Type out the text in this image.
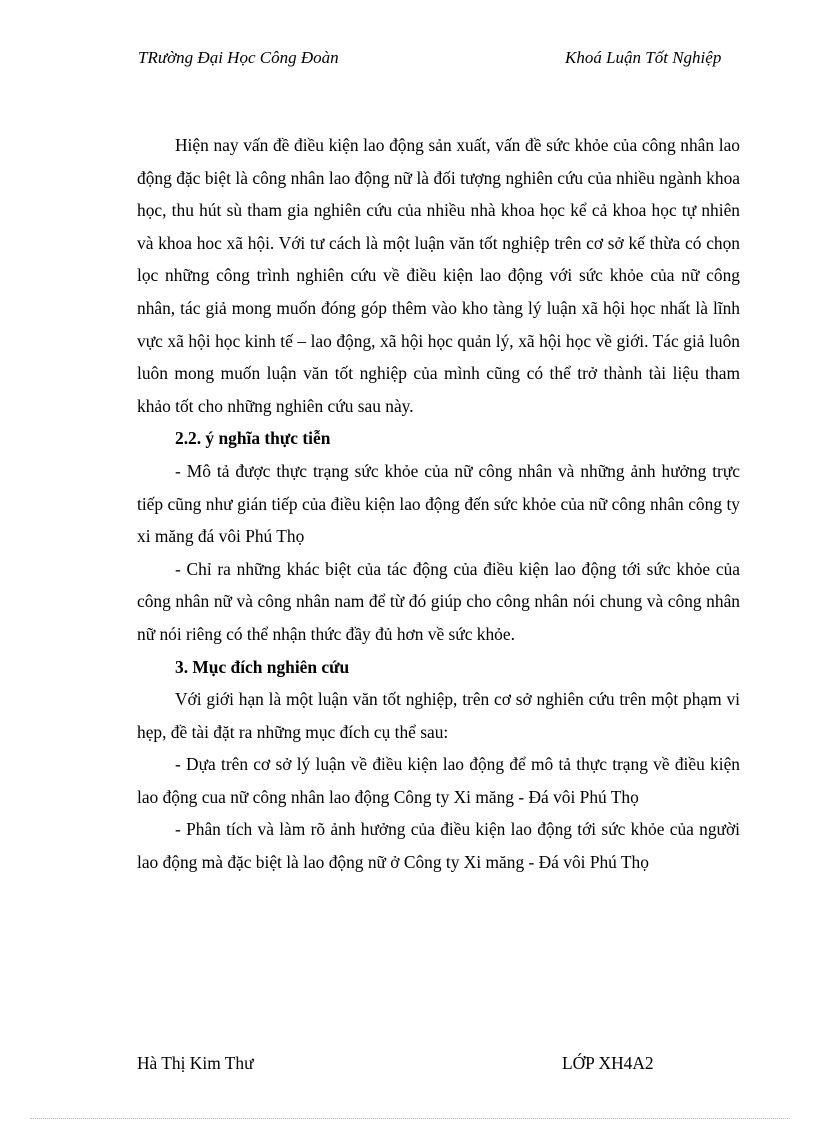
TRường Đại Học Công Đoàn	Khoá Luận Tốt Nghiệp

Hiện nay vấn đề điều kiện lao động sản xuất, vấn đề sức khỏe của công nhân lao động đặc biệt là công nhân lao động nữ là đối tượng nghiên cứu của nhiều ngành khoa học, thu hút sù tham gia nghiên cứu của nhiều nhà khoa học kể cả khoa học tự nhiên và khoa hoc xã hội. Với tư cách là một luận văn tốt nghiệp trên cơ sở kế thừa có chọn lọc những công trình nghiên cứu về điều kiện lao động với sức khỏe của nữ công nhân, tác giả mong muốn đóng góp thêm vào kho tàng lý luận xã hội học nhất là lĩnh vực xã hội học kinh tế – lao động, xã hội học quản lý, xã hội học về giới. Tác giả luôn luôn mong muốn luận văn tốt nghiệp của mình cũng có thể trở thành tài liệu tham khảo tốt cho những nghiên cứu sau này.

2.2. ý nghĩa thực tiễn

- Mô tả được thực trạng sức khỏe của nữ công nhân và những ảnh hưởng trực tiếp cũng như gián tiếp của điều kiện lao động đến sức khỏe của nữ công nhân công ty xi măng đá vôi Phú Thọ

- Chỉ ra những khác biệt của tác động của điều kiện lao động tới sức khỏe của công nhân nữ và công nhân nam để từ đó giúp cho công nhân nói chung và công nhân nữ nói riêng có thể nhận thức đầy đủ hơn về sức khỏe.

3. Mục đích nghiên cứu

Với giới hạn là một luận văn tốt nghiệp, trên cơ sở nghiên cứu trên một phạm vi hẹp, đề tài đặt ra những mục đích cụ thể sau:

- Dựa trên cơ sở lý luận về điều kiện lao động để mô tả thực trạng về điều kiện lao động cua nữ công nhân lao động Công ty Xi măng - Đá vôi Phú Thọ

- Phân tích và làm rõ ảnh hưởng của điều kiện lao động tới sức khỏe của người lao động mà đặc biệt là lao động nữ ở Công ty Xi măng - Đá vôi Phú Thọ

Hà Thị Kim Thư	LỚP XH4A2
